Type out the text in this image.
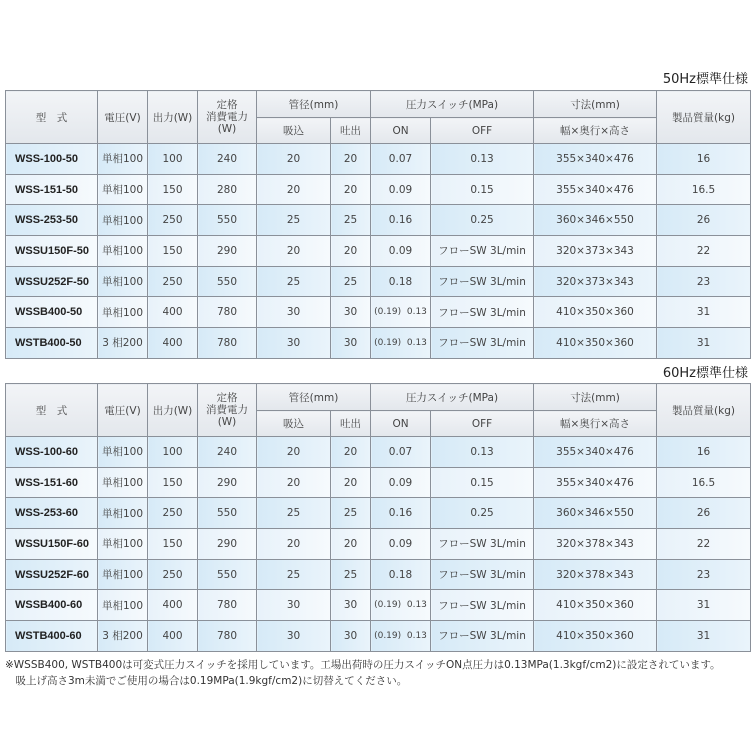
50Hz標準仕様
型　式	電圧(V)	出力(W)	定格
消費電力
(W)	管径(mm)		圧力スイッチ(MPa)		寸法(mm)	製品質量(kg)
				吸込	吐出	ON	OFF	幅×奥行×高さ	
WSS-100-50	単相100	100	240	20	20	0.07	0.13	355×340×476	16
WSS-151-50	単相100	150	280	20	20	0.09	0.15	355×340×476	16.5
WSS-253-50	単相100	250	550	25	25	0.16	0.25	360×346×550	26
WSSU150F-50	単相100	150	290	20	20	0.09	フローSW 3L/min	320×373×343	22
WSSU252F-50	単相100	250	550	25	25	0.18	フローSW 3L/min	320×373×343	23
WSSB400-50	単相100	400	780	30	30	(0.19)  0.13	フローSW 3L/min	410×350×360	31
WSTB400-50	3 相200	400	780	30	30	(0.19)  0.13	フローSW 3L/min	410×350×360	31
60Hz標準仕様
型　式	電圧(V)	出力(W)	定格
消費電力
(W)	管径(mm)		圧力スイッチ(MPa)		寸法(mm)	製品質量(kg)
				吸込	吐出	ON	OFF	幅×奥行×高さ	
WSS-100-60	単相100	100	240	20	20	0.07	0.13	355×340×476	16
WSS-151-60	単相100	150	290	20	20	0.09	0.15	355×340×476	16.5
WSS-253-60	単相100	250	550	25	25	0.16	0.25	360×346×550	26
WSSU150F-60	単相100	150	290	20	20	0.09	フローSW 3L/min	320×378×343	22
WSSU252F-60	単相100	250	550	25	25	0.18	フローSW 3L/min	320×378×343	23
WSSB400-60	単相100	400	780	30	30	(0.19)  0.13	フローSW 3L/min	410×350×360	31
WSTB400-60	3 相200	400	780	30	30	(0.19)  0.13	フローSW 3L/min	410×350×360	31
※WSSB400, WSTB400は可変式圧力スイッチを採用しています。工場出荷時の圧力スイッチON点圧力は0.13MPa(1.3kgf/cm2)に設定されています。
　吸上げ高さ3m未満でご使用の場合は0.19MPa(1.9kgf/cm2)に切替えてください。
